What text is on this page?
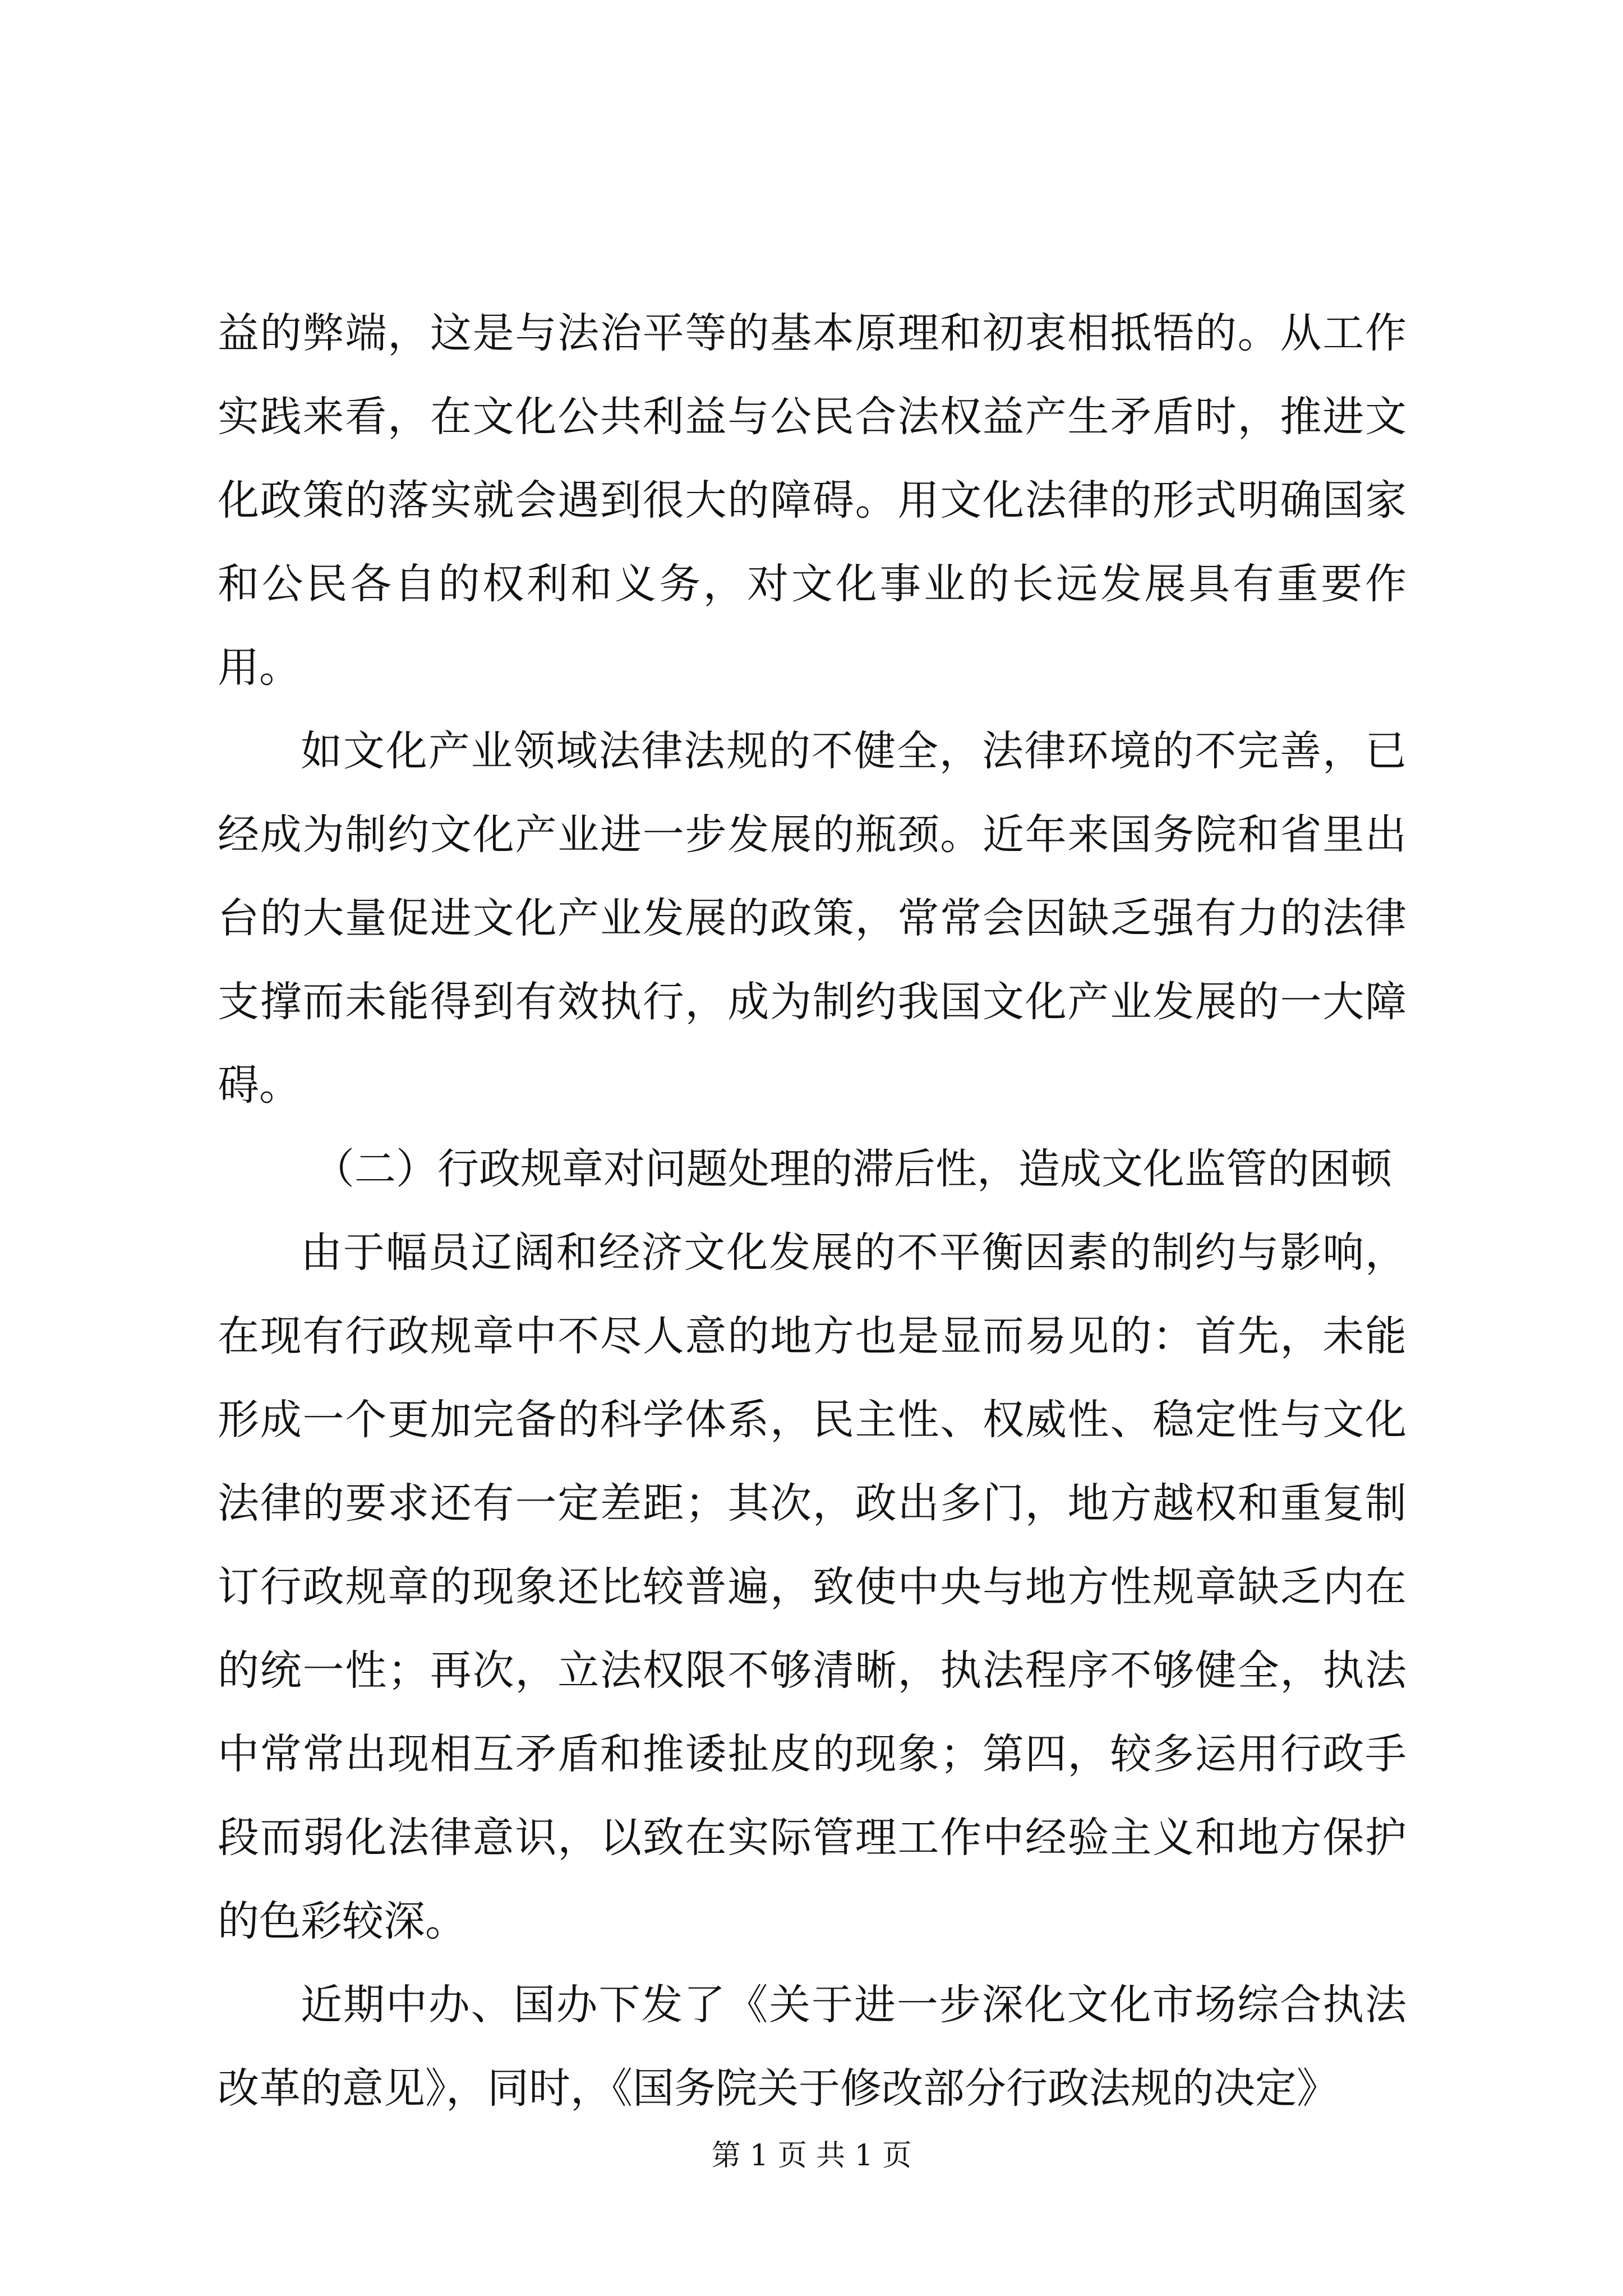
益的弊端，这是与法治平等的基本原理和初衷相抵牾的。从工作实践来看，在文化公共利益与公民合法权益产生矛盾时，推进文化政策的落实就会遇到很大的障碍。用文化法律的形式明确国家和公民各自的权利和义务，对文化事业的长远发展具有重要作用。

如文化产业领域法律法规的不健全，法律环境的不完善，已经成为制约文化产业进一步发展的瓶颈。近年来国务院和省里出台的大量促进文化产业发展的政策，常常会因缺乏强有力的法律支撑而未能得到有效执行，成为制约我国文化产业发展的一大障碍。

（二）行政规章对问题处理的滞后性，造成文化监管的困顿

由于幅员辽阔和经济文化发展的不平衡因素的制约与影响，在现有行政规章中不尽人意的地方也是显而易见的：首先，未能形成一个更加完备的科学体系，民主性、权威性、稳定性与文化法律的要求还有一定差距；其次，政出多门，地方越权和重复制订行政规章的现象还比较普遍，致使中央与地方性规章缺乏内在的统一性；再次，立法权限不够清晰，执法程序不够健全，执法中常常出现相互矛盾和推诿扯皮的现象；第四，较多运用行政手段而弱化法律意识，以致在实际管理工作中经验主义和地方保护的色彩较深。

近期中办、国办下发了《关于进一步深化文化市场综合执法改革的意见》，同时，《国务院关于修改部分行政法规的决定》

第 1 页 共 1 页
